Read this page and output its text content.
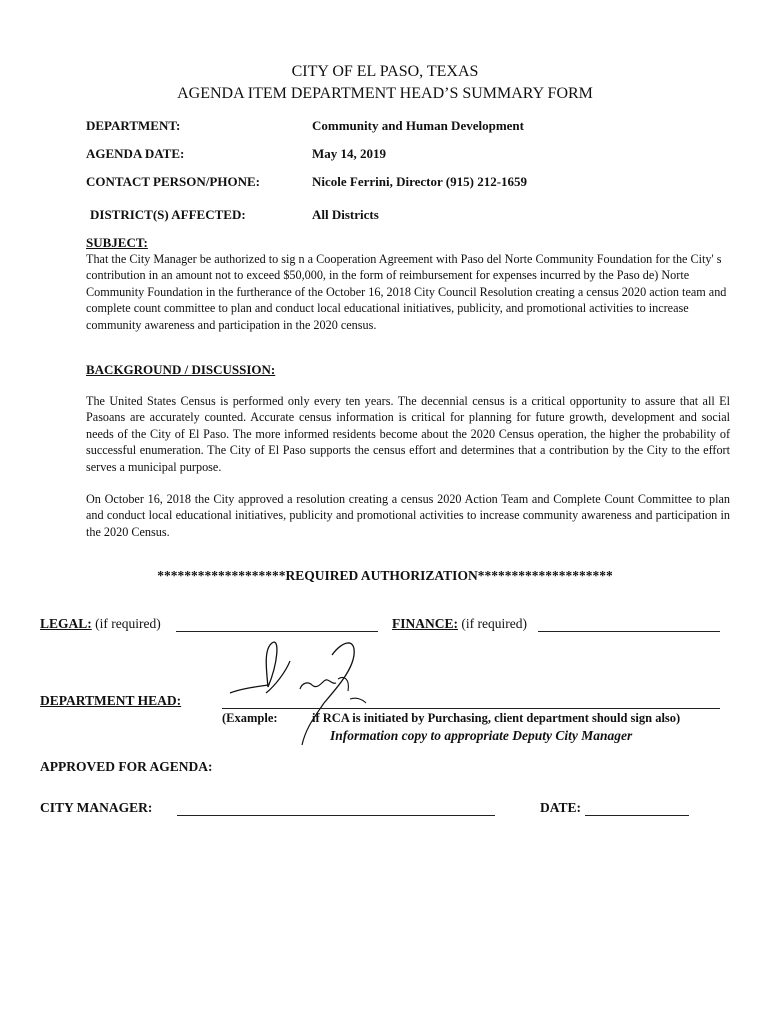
CITY OF EL PASO, TEXAS
AGENDA ITEM DEPARTMENT HEAD’S SUMMARY FORM
DEPARTMENT:	Community and Human Development
AGENDA DATE:	May 14, 2019
CONTACT PERSON/PHONE:	Nicole Ferrini, Director (915) 212-1659
DISTRICT(S) AFFECTED:	All Districts
SUBJECT:
That the City Manager be authorized to sig n a Cooperation Agreement with Paso del Norte Community Foundation for the City' s contribution in an amount not to exceed $50,000, in the form of reimbursement for expenses incurred by the Paso de) Norte Community Foundation in the furtherance of the October 16, 2018 City Council Resolution creating a census 2020 action team and complete count committee to plan and conduct local educational initiatives, publicity, and promotional activities to increase community awareness and participation in the 2020 census.
BACKGROUND / DISCUSSION:
The United States Census is performed only every ten years. The decennial census is a critical opportunity to assure that all El Pasoans are accurately counted. Accurate census information is critical for planning for future growth, development and social needs of the City of El Paso. The more informed residents become about the 2020 Census operation, the higher the probability of successful enumeration. The City of El Paso supports the census effort and determines that a contribution by the City to the effort serves a municipal purpose.
On October 16, 2018 the City approved a resolution creating a census 2020 Action Team and Complete Count Committee to plan and conduct local educational initiatives, publicity and promotional activities to increase community awareness and participation in the 2020 Census.
*******************REQUIRED AUTHORIZATION********************
LEGAL: (if required)	FINANCE: (if required)
DEPARTMENT HEAD:
(Example:	if RCA is initiated by Purchasing, client department should sign also)
Information copy to appropriate Deputy City Manager
APPROVED FOR AGENDA:
CITY MANAGER:	DATE:
